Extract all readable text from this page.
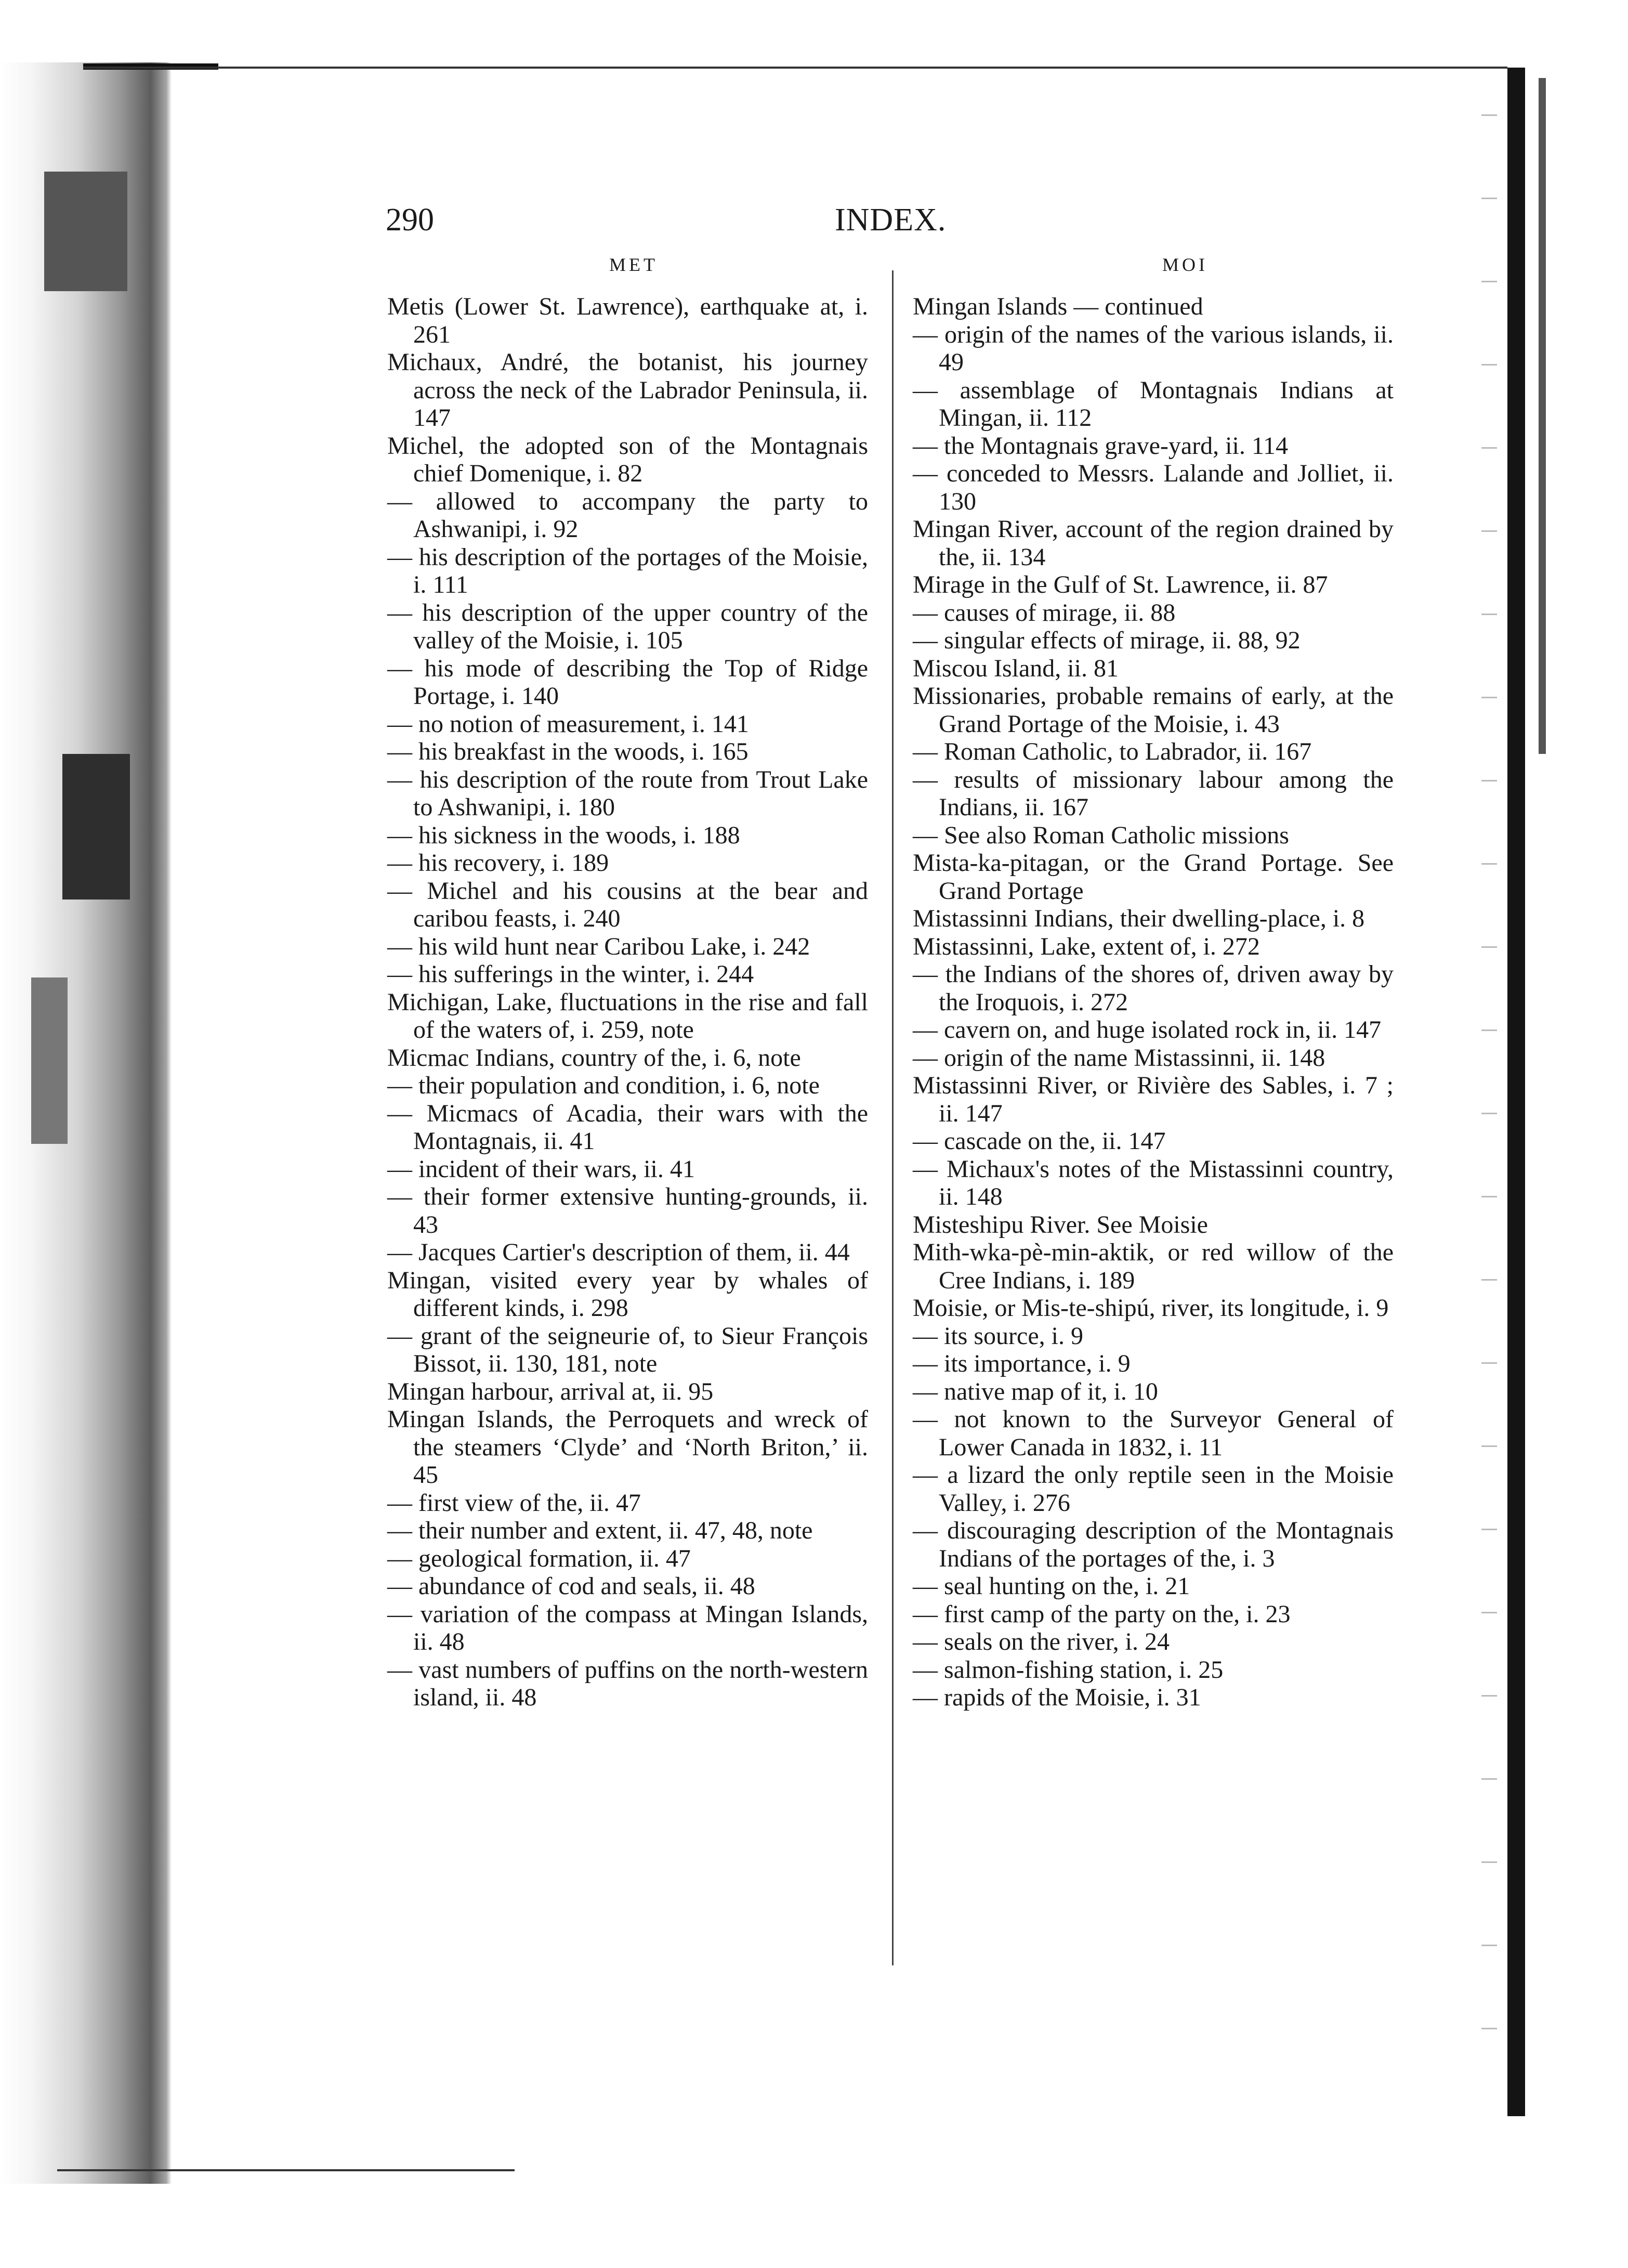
290	INDEX.
MET	MOI

Metis (Lower St. Lawrence), earthquake at, i. 261

Michaux, André, the botanist, his journey across the neck of the Labrador Peninsula, ii. 147

Michel, the adopted son of the Montagnais chief Domenique, i. 82

— allowed to accompany the party to Ashwanipi, i. 92

— his description of the portages of the Moisie, i. 111

— his description of the upper country of the valley of the Moisie, i. 105

— his mode of describing the Top of Ridge Portage, i. 140

— no notion of measurement, i. 141

— his breakfast in the woods, i. 165

— his description of the route from Trout Lake to Ashwanipi, i. 180

— his sickness in the woods, i. 188

— his recovery, i. 189

— Michel and his cousins at the bear and caribou feasts, i. 240

— his wild hunt near Caribou Lake, i. 242

— his sufferings in the winter, i. 244

Michigan, Lake, fluctuations in the rise and fall of the waters of, i. 259, note

Micmac Indians, country of the, i. 6, note

— their population and condition, i. 6, note

— Micmacs of Acadia, their wars with the Montagnais, ii. 41

— incident of their wars, ii. 41

— their former extensive hunting-grounds, ii. 43

— Jacques Cartier's description of them, ii. 44

Mingan, visited every year by whales of different kinds, i. 298

— grant of the seigneurie of, to Sieur François Bissot, ii. 130, 181, note

Mingan harbour, arrival at, ii. 95

Mingan Islands, the Perroquets and wreck of the steamers ‘Clyde’ and ‘North Briton,’ ii. 45

— first view of the, ii. 47

— their number and extent, ii. 47, 48, note

— geological formation, ii. 47

— abundance of cod and seals, ii. 48

— variation of the compass at Mingan Islands, ii. 48

— vast numbers of puffins on the north-western island, ii. 48

Mingan Islands — continued

— origin of the names of the various islands, ii. 49

— assemblage of Montagnais Indians at Mingan, ii. 112

— the Montagnais grave-yard, ii. 114

— conceded to Messrs. Lalande and Jolliet, ii. 130

Mingan River, account of the region drained by the, ii. 134

Mirage in the Gulf of St. Lawrence, ii. 87

— causes of mirage, ii. 88

— singular effects of mirage, ii. 88, 92

Miscou Island, ii. 81

Missionaries, probable remains of early, at the Grand Portage of the Moisie, i. 43

— Roman Catholic, to Labrador, ii. 167

— results of missionary labour among the Indians, ii. 167

— See also Roman Catholic missions

Mista-ka-pitagan, or the Grand Portage. See Grand Portage

Mistassinni Indians, their dwelling-place, i. 8

Mistassinni, Lake, extent of, i. 272

— the Indians of the shores of, driven away by the Iroquois, i. 272

— cavern on, and huge isolated rock in, ii. 147

— origin of the name Mistassinni, ii. 148

Mistassinni River, or Rivière des Sables, i. 7 ; ii. 147

— cascade on the, ii. 147

— Michaux's notes of the Mistassinni country, ii. 148

Misteshipu River. See Moisie

Mith-wka-pè-min-aktik, or red willow of the Cree Indians, i. 189

Moisie, or Mis-te-shipú, river, its longitude, i. 9

— its source, i. 9

— its importance, i. 9

— native map of it, i. 10

— not known to the Surveyor General of Lower Canada in 1832, i. 11

— a lizard the only reptile seen in the Moisie Valley, i. 276

— discouraging description of the Montagnais Indians of the portages of the, i. 3

— seal hunting on the, i. 21

— first camp of the party on the, i. 23

— seals on the river, i. 24

— salmon-fishing station, i. 25

— rapids of the Moisie, i. 31
